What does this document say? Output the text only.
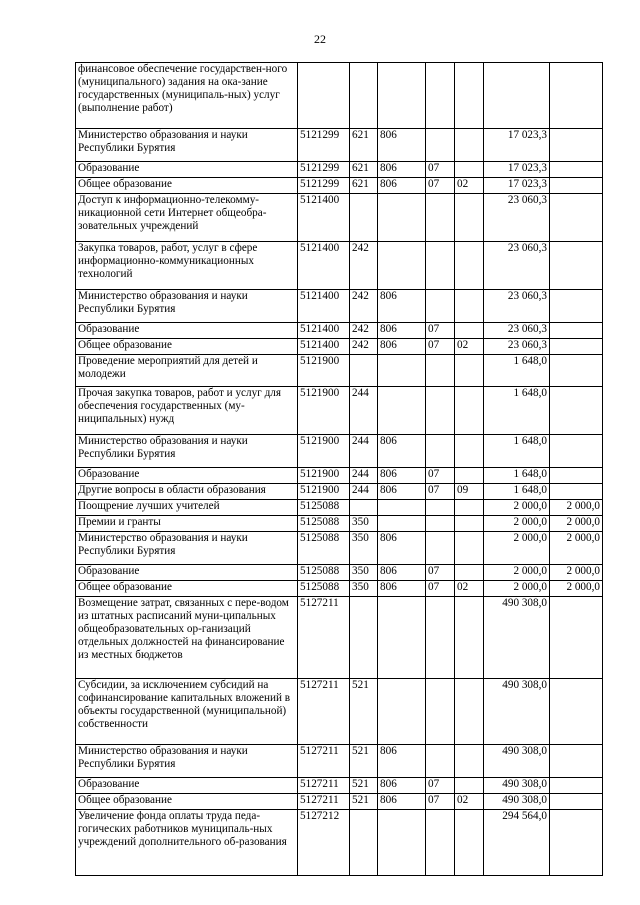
22
финансовое обеспечение государствен-ного (муниципального) задания на ока-зание государственных (муниципаль-ных) услуг (выполнение работ)							
Министерство образования и науки Республики Бурятия	5121299	621	806			17 023,3	
Образование	5121299	621	806	07		17 023,3	
Общее образование	5121299	621	806	07	02	17 023,3	
Доступ к информационно-телекомму-никационной сети Интернет общеобра-зовательных учреждений	5121400					23 060,3	
Закупка товаров, работ, услуг в сфере информационно-коммуникационных технологий	5121400	242				23 060,3	
Министерство образования и науки Республики Бурятия	5121400	242	806			23 060,3	
Образование	5121400	242	806	07		23 060,3	
Общее образование	5121400	242	806	07	02	23 060,3	
Проведение мероприятий для детей и молодежи	5121900					1 648,0	
Прочая закупка товаров, работ и услуг для обеспечения государственных (му-ниципальных) нужд	5121900	244				1 648,0	
Министерство образования и науки Республики Бурятия	5121900	244	806			1 648,0	
Образование	5121900	244	806	07		1 648,0	
Другие вопросы в области образования	5121900	244	806	07	09	1 648,0	
Поощрение лучших учителей	5125088					2 000,0	2 000,0
Премии и гранты	5125088	350				2 000,0	2 000,0
Министерство образования и науки Республики Бурятия	5125088	350	806			2 000,0	2 000,0
Образование	5125088	350	806	07		2 000,0	2 000,0
Общее образование	5125088	350	806	07	02	2 000,0	2 000,0
Возмещение затрат, связанных с пере-водом из штатных расписаний муни-ципальных общеобразовательных ор-ганизаций отдельных должностей на финансирование из местных бюджетов	5127211					490 308,0	
Субсидии, за исключением субсидий на софинансирование капитальных вложений в объекты государственной (муниципальной) собственности	5127211	521				490 308,0	
Министерство образования и науки Республики Бурятия	5127211	521	806			490 308,0	
Образование	5127211	521	806	07		490 308,0	
Общее образование	5127211	521	806	07	02	490 308,0	
Увеличение фонда оплаты труда педа-гогических работников муниципаль-ных учреждений дополнительного об-разования	5127212					294 564,0	
